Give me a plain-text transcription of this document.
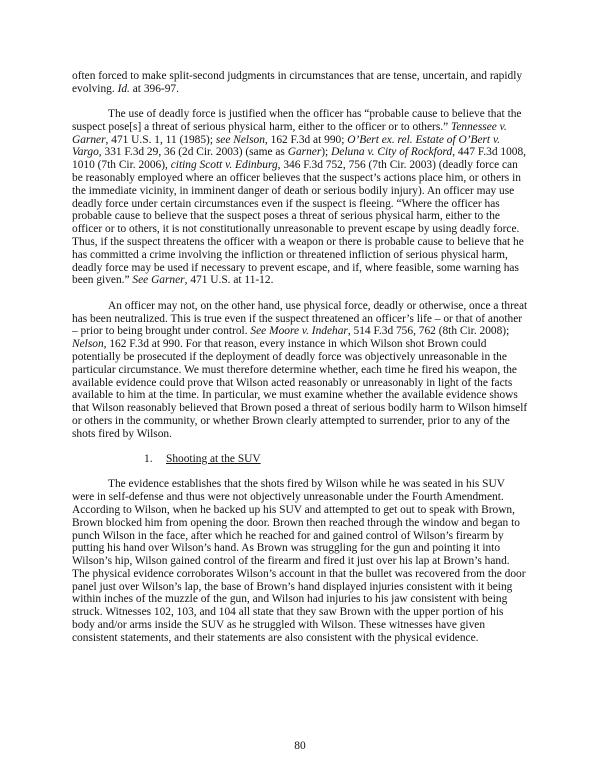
often forced to make split-second judgments in circumstances that are tense, uncertain, and rapidly evolving. Id. at 396-97.

The use of deadly force is justified when the officer has “probable cause to believe that the suspect pose[s] a threat of serious physical harm, either to the officer or to others.” Tennessee v. Garner, 471 U.S. 1, 11 (1985); see Nelson, 162 F.3d at 990; O’Bert ex. rel. Estate of O’Bert v. Vargo, 331 F.3d 29, 36 (2d Cir. 2003) (same as Garner); Deluna v. City of Rockford, 447 F.3d 1008, 1010 (7th Cir. 2006), citing Scott v. Edinburg, 346 F.3d 752, 756 (7th Cir. 2003) (deadly force can be reasonably employed where an officer believes that the suspect’s actions place him, or others in the immediate vicinity, in imminent danger of death or serious bodily injury). An officer may use deadly force under certain circumstances even if the suspect is fleeing. “Where the officer has probable cause to believe that the suspect poses a threat of serious physical harm, either to the officer or to others, it is not constitutionally unreasonable to prevent escape by using deadly force. Thus, if the suspect threatens the officer with a weapon or there is probable cause to believe that he has committed a crime involving the infliction or threatened infliction of serious physical harm, deadly force may be used if necessary to prevent escape, and if, where feasible, some warning has been given.” See Garner, 471 U.S. at 11-12.

An officer may not, on the other hand, use physical force, deadly or otherwise, once a threat has been neutralized. This is true even if the suspect threatened an officer’s life – or that of another – prior to being brought under control. See Moore v. Indehar, 514 F.3d 756, 762 (8th Cir. 2008); Nelson, 162 F.3d at 990. For that reason, every instance in which Wilson shot Brown could potentially be prosecuted if the deployment of deadly force was objectively unreasonable in the particular circumstance. We must therefore determine whether, each time he fired his weapon, the available evidence could prove that Wilson acted reasonably or unreasonably in light of the facts available to him at the time. In particular, we must examine whether the available evidence shows that Wilson reasonably believed that Brown posed a threat of serious bodily harm to Wilson himself or others in the community, or whether Brown clearly attempted to surrender, prior to any of the shots fired by Wilson.

1. Shooting at the SUV

The evidence establishes that the shots fired by Wilson while he was seated in his SUV were in self-defense and thus were not objectively unreasonable under the Fourth Amendment. According to Wilson, when he backed up his SUV and attempted to get out to speak with Brown, Brown blocked him from opening the door. Brown then reached through the window and began to punch Wilson in the face, after which he reached for and gained control of Wilson’s firearm by putting his hand over Wilson’s hand. As Brown was struggling for the gun and pointing it into Wilson’s hip, Wilson gained control of the firearm and fired it just over his lap at Brown’s hand. The physical evidence corroborates Wilson’s account in that the bullet was recovered from the door panel just over Wilson’s lap, the base of Brown’s hand displayed injuries consistent with it being within inches of the muzzle of the gun, and Wilson had injuries to his jaw consistent with being struck. Witnesses 102, 103, and 104 all state that they saw Brown with the upper portion of his body and/or arms inside the SUV as he struggled with Wilson. These witnesses have given consistent statements, and their statements are also consistent with the physical evidence.

80
